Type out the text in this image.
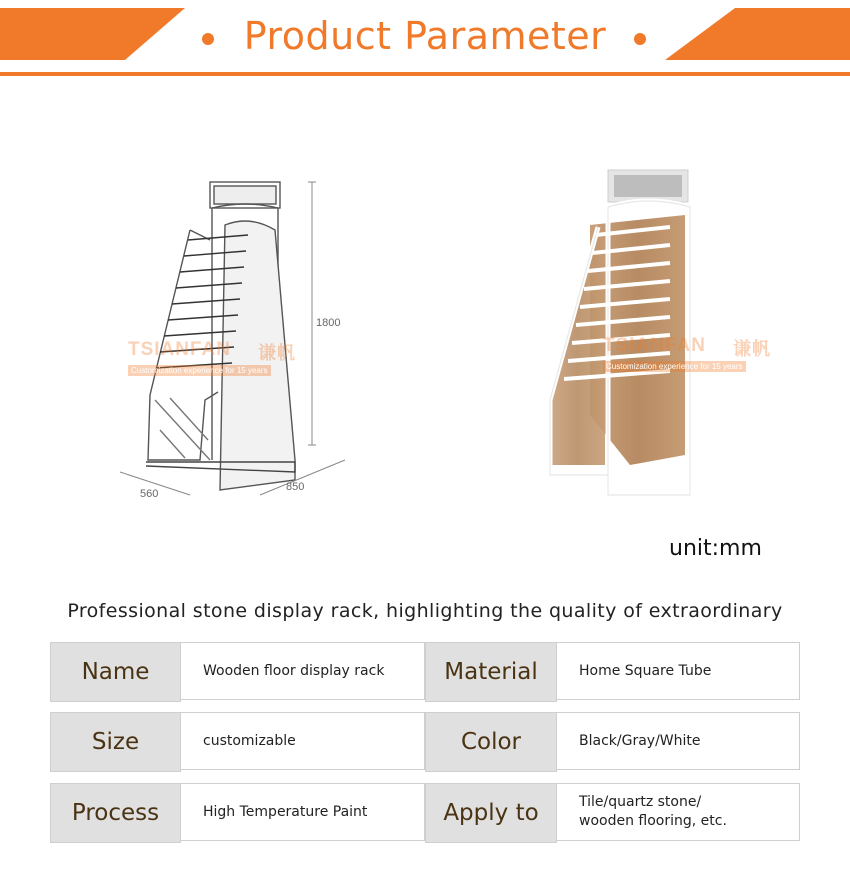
Product Parameter
1800
560
850
TSIANFAN 谦帆
Customization experience for 15 years
TSIANFAN 谦帆
Customization experience for 15 years
unit:mm
Professional stone display rack, highlighting the quality of extraordinary
Name	Wooden floor display rack	Material	Home Square Tube
Size	customizable	Color	Black/Gray/White
Process	High Temperature Paint	Apply to	Tile/quartz stone/ wooden flooring, etc.
